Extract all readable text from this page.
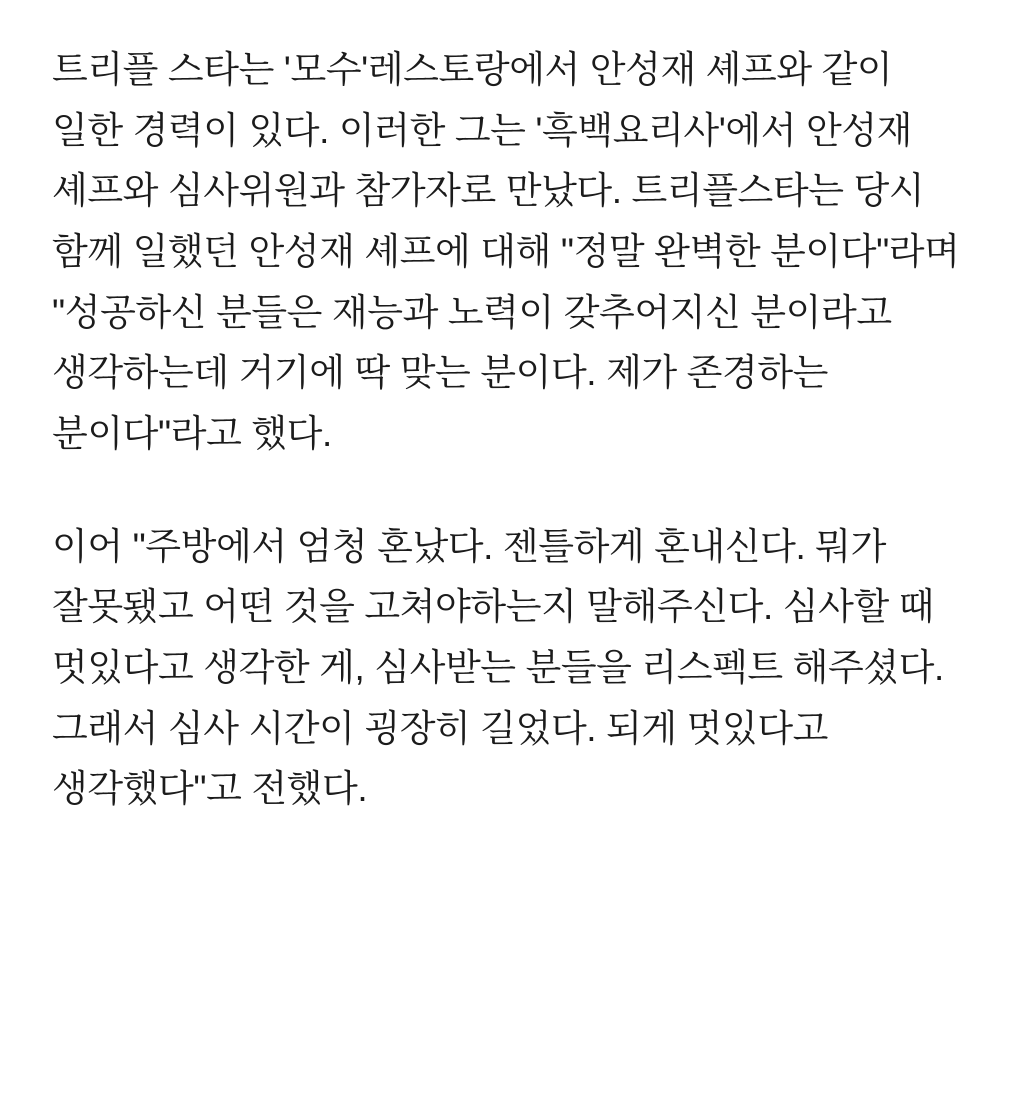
트리플 스타는 '모수'레스토랑에서 안성재 셰프와 같이 일한 경력이 있다. 이러한 그는 '흑백요리사'에서 안성재 셰프와 심사위원과 참가자로 만났다. 트리플스타는 당시 함께 일했던 안성재 셰프에 대해 "정말 완벽한 분이다"라며 "성공하신 분들은 재능과 노력이 갖추어지신 분이라고 생각하는데 거기에 딱 맞는 분이다. 제가 존경하는 분이다"라고 했다.

이어 "주방에서 엄청 혼났다. 젠틀하게 혼내신다. 뭐가 잘못됐고 어떤 것을 고쳐야하는지 말해주신다. 심사할 때 멋있다고 생각한 게, 심사받는 분들을 리스펙트 해주셨다. 그래서 심사 시간이 굉장히 길었다. 되게 멋있다고 생각했다"고 전했다.
